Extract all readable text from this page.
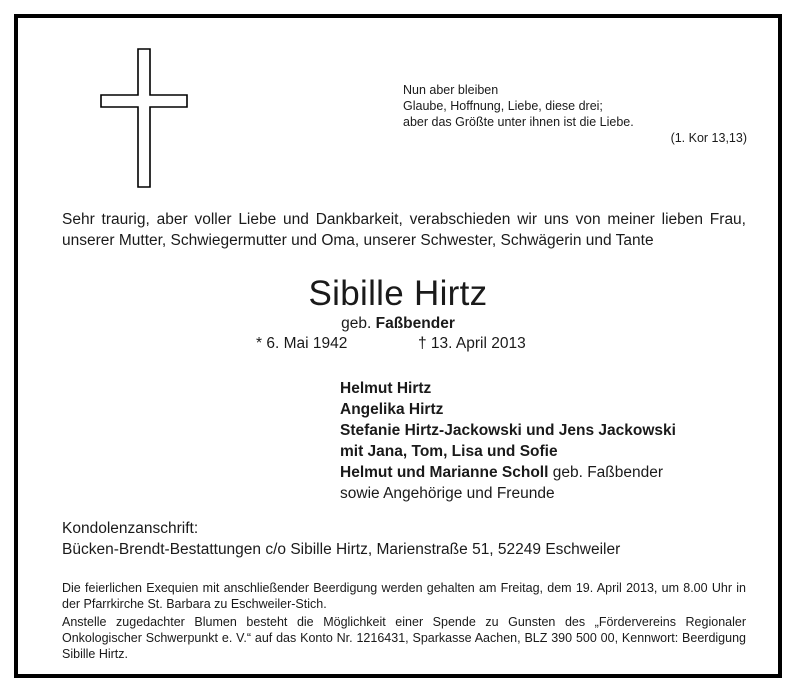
Nun aber bleiben
Glaube, Hoffnung, Liebe, diese drei;
aber das Größte unter ihnen ist die Liebe.
(1. Kor 13,13)
Sehr traurig, aber voller Liebe und Dankbarkeit, verabschieden wir uns von meiner lieben Frau, unserer Mutter, Schwiegermutter und Oma, unserer Schwester, Schwägerin und Tante
Sibille Hirtz
geb. Faßbender
* 6. Mai 1942	† 13. April 2013
Helmut Hirtz
Angelika Hirtz
Stefanie Hirtz-Jackowski und Jens Jackowski
mit Jana, Tom, Lisa und Sofie
Helmut und Marianne Scholl geb. Faßbender
sowie Angehörige und Freunde
Kondolenzanschrift:
Bücken-Brendt-Bestattungen c/o Sibille Hirtz, Marienstraße 51, 52249 Eschweiler

Die feierlichen Exequien mit anschließender Beerdigung werden gehalten am Freitag, dem 19. April 2013, um 8.00 Uhr in der Pfarrkirche St. Barbara zu Eschweiler-Stich.

Anstelle zugedachter Blumen besteht die Möglichkeit einer Spende zu Gunsten des „Fördervereins Regionaler Onkologischer Schwerpunkt e. V.“ auf das Konto Nr. 1216431, Sparkasse Aachen, BLZ 390 500 00, Kennwort: Beerdigung Sibille Hirtz.
